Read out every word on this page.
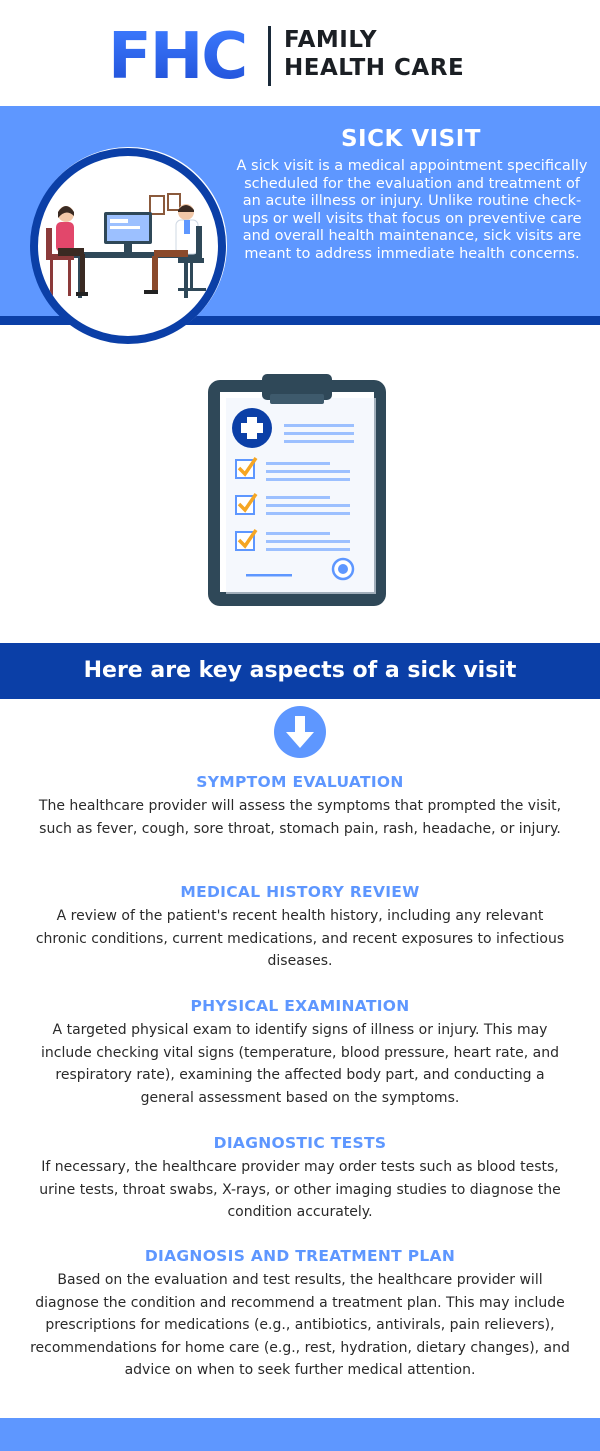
FHC FAMILY
HEALTH CARE
SICK VISIT
A sick visit is a medical appointment specifically scheduled for the evaluation and treatment of an acute illness or injury. Unlike routine check-ups or well visits that focus on preventive care and overall health maintenance, sick visits are meant to address immediate health concerns.
Here are key aspects of a sick visit
SYMPTOM EVALUATION

The healthcare provider will assess the symptoms that prompted the visit, such as fever, cough, sore throat, stomach pain, rash, headache, or injury.

MEDICAL HISTORY REVIEW

A review of the patient's recent health history, including any relevant chronic conditions, current medications, and recent exposures to infectious diseases.

PHYSICAL EXAMINATION

A targeted physical exam to identify signs of illness or injury. This may include checking vital signs (temperature, blood pressure, heart rate, and respiratory rate), examining the affected body part, and conducting a general assessment based on the symptoms.

DIAGNOSTIC TESTS

If necessary, the healthcare provider may order tests such as blood tests, urine tests, throat swabs, X-rays, or other imaging studies to diagnose the condition accurately.

DIAGNOSIS AND TREATMENT PLAN

Based on the evaluation and test results, the healthcare provider will diagnose the condition and recommend a treatment plan. This may include prescriptions for medications (e.g., antibiotics, antivirals, pain relievers), recommendations for home care (e.g., rest, hydration, dietary changes), and advice on when to seek further medical attention.
